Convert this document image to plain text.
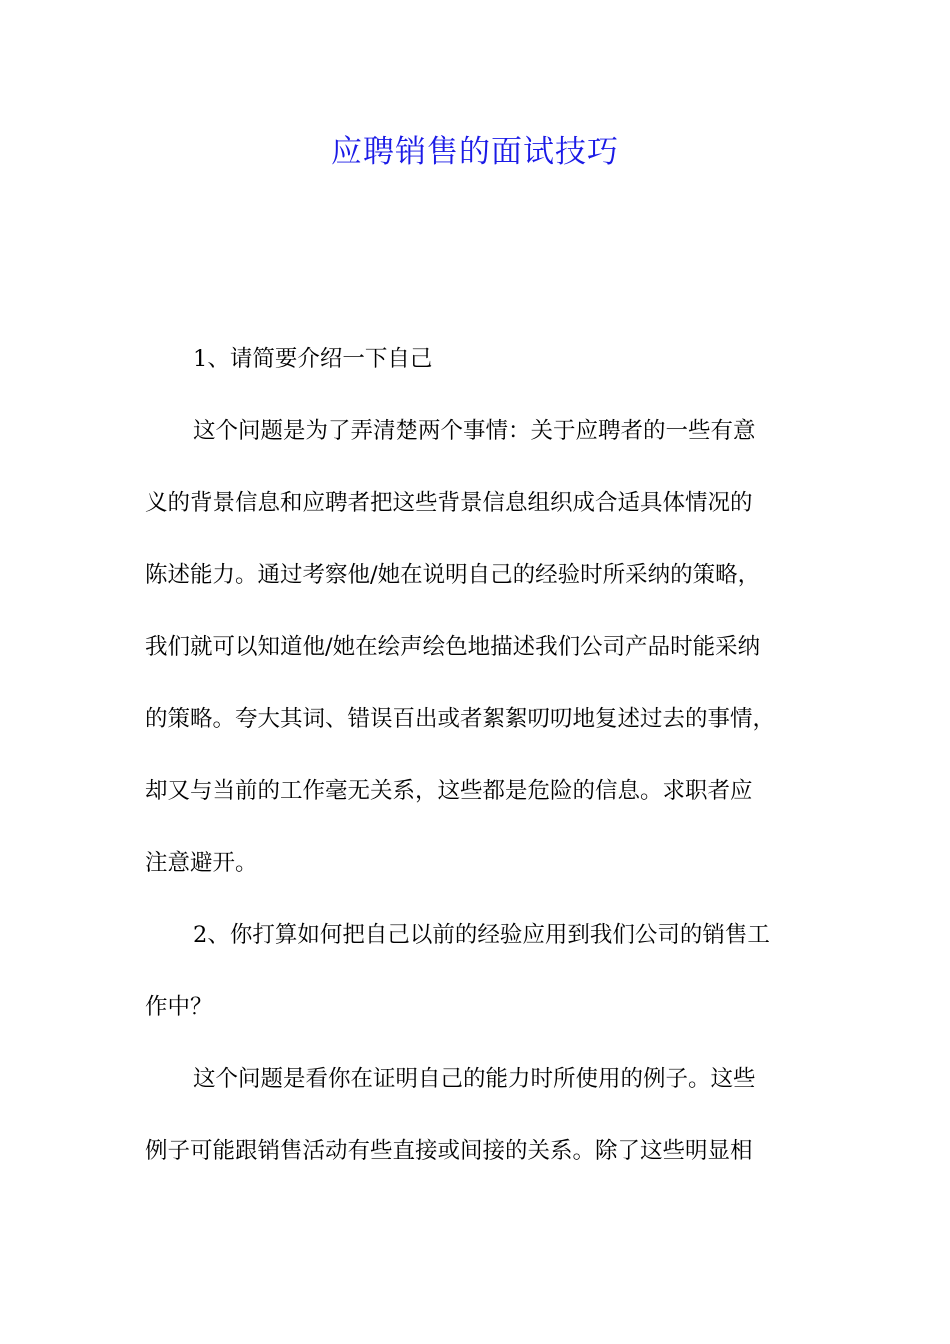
应聘销售的面试技巧
1、请简要介绍一下自己
这个问题是为了弄清楚两个事情：关于应聘者的一些有意
义的背景信息和应聘者把这些背景信息组织成合适具体情况的
陈述能力。通过考察他/她在说明自己的经验时所采纳的策略，
我们就可以知道他/她在绘声绘色地描述我们公司产品时能采纳
的策略。夸大其词、错误百出或者絮絮叨叨地复述过去的事情，
却又与当前的工作毫无关系，这些都是危险的信息。求职者应
注意避开。
2、你打算如何把自己以前的经验应用到我们公司的销售工
作中？
这个问题是看你在证明自己的能力时所使用的例子。这些
例子可能跟销售活动有些直接或间接的关系。除了这些明显相
